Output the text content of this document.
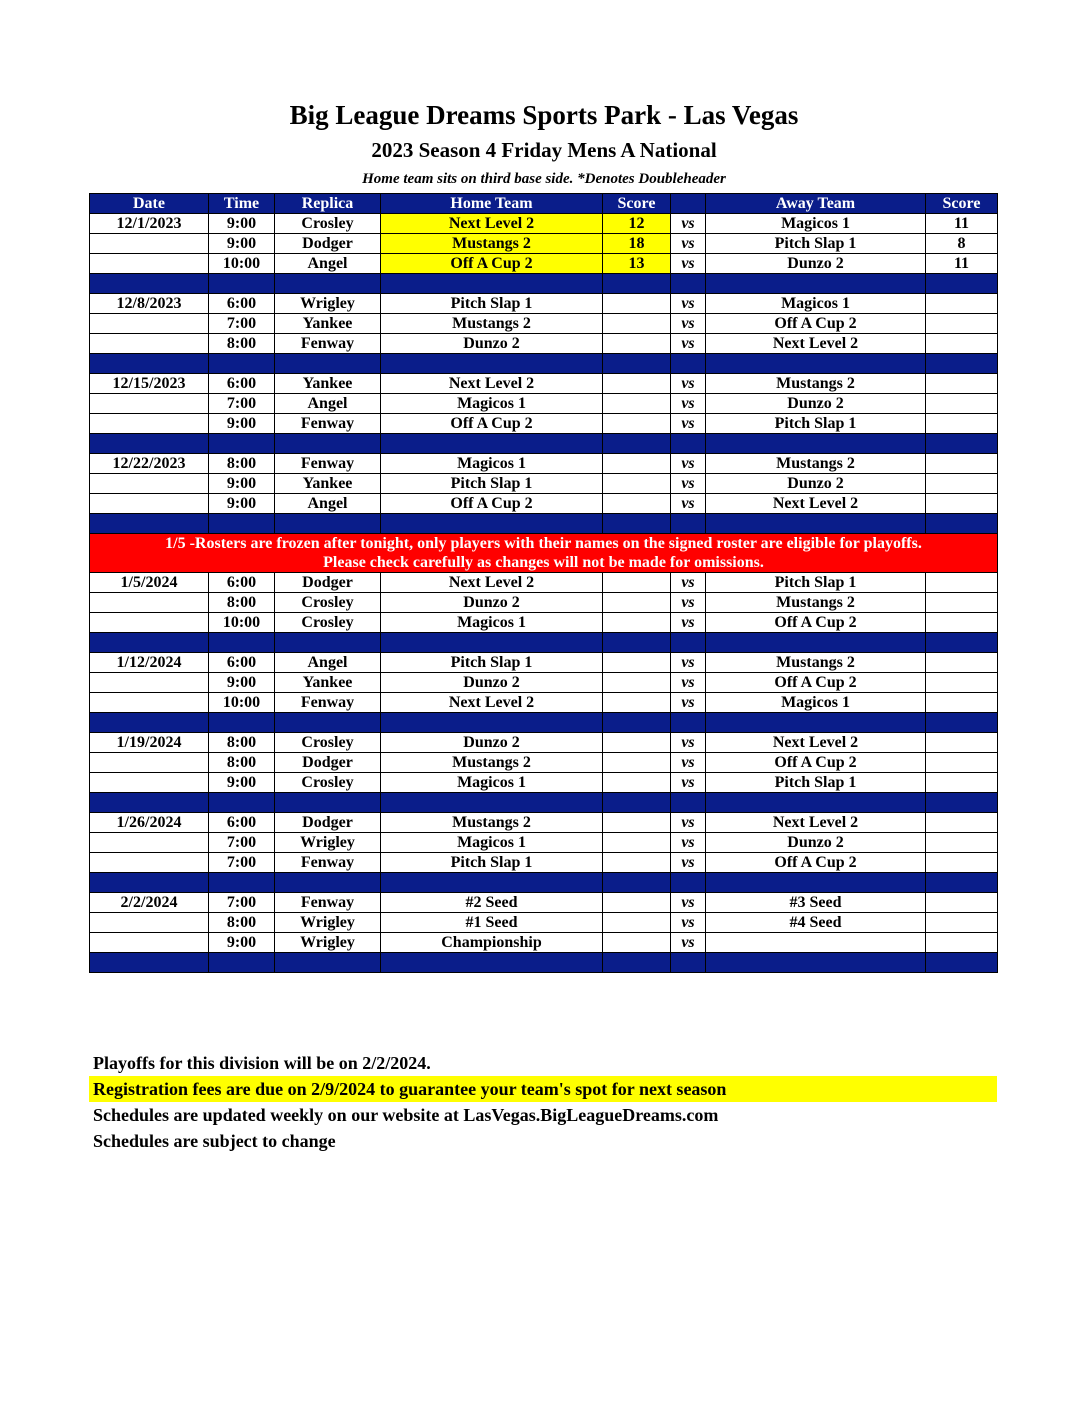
Big League Dreams Sports Park - Las Vegas
2023 Season 4 Friday Mens A National
Home team sits on third base side. *Denotes Doubleheader
Date	Time	Replica	Home Team	Score		Away Team	Score
12/1/2023	9:00	Crosley	Next Level 2	12	vs	Magicos 1	11
	9:00	Dodger	Mustangs 2	18	vs	Pitch Slap 1	8
	10:00	Angel	Off A Cup 2	13	vs	Dunzo 2	11

12/8/2023	6:00	Wrigley	Pitch Slap 1		vs	Magicos 1	
	7:00	Yankee	Mustangs 2		vs	Off A Cup 2	
	8:00	Fenway	Dunzo 2		vs	Next Level 2	

12/15/2023	6:00	Yankee	Next Level 2		vs	Mustangs 2	
	7:00	Angel	Magicos 1		vs	Dunzo 2	
	9:00	Fenway	Off A Cup 2		vs	Pitch Slap 1	

12/22/2023	8:00	Fenway	Magicos 1		vs	Mustangs 2	
	9:00	Yankee	Pitch Slap 1		vs	Dunzo 2	
	9:00	Angel	Off A Cup 2		vs	Next Level 2	

1/5 -Rosters are frozen after tonight, only players with their names on the signed roster are eligible for playoffs.
Please check carefully as changes will not be made for omissions.							

1/5/2024	6:00	Dodger	Next Level 2		vs	Pitch Slap 1	
	8:00	Crosley	Dunzo 2		vs	Mustangs 2	
	10:00	Crosley	Magicos 1		vs	Off A Cup 2	

1/12/2024	6:00	Angel	Pitch Slap 1		vs	Mustangs 2	
	9:00	Yankee	Dunzo 2		vs	Off A Cup 2	
	10:00	Fenway	Next Level 2		vs	Magicos 1	

1/19/2024	8:00	Crosley	Dunzo 2		vs	Next Level 2	
	8:00	Dodger	Mustangs 2		vs	Off A Cup 2	
	9:00	Crosley	Magicos 1		vs	Pitch Slap 1	

1/26/2024	6:00	Dodger	Mustangs 2		vs	Next Level 2	
	7:00	Wrigley	Magicos 1		vs	Dunzo 2	
	7:00	Fenway	Pitch Slap 1		vs	Off A Cup 2	

2/2/2024	7:00	Fenway	#2 Seed		vs	#3 Seed	
	8:00	Wrigley	#1 Seed		vs	#4 Seed	
	9:00	Wrigley	Championship		vs		

Playoffs for this division will be on 2/2/2024.
Registration fees are due on 2/9/2024 to guarantee your team's spot for next season
Schedules are updated weekly on our website at LasVegas.BigLeagueDreams.com
Schedules are subject to change
